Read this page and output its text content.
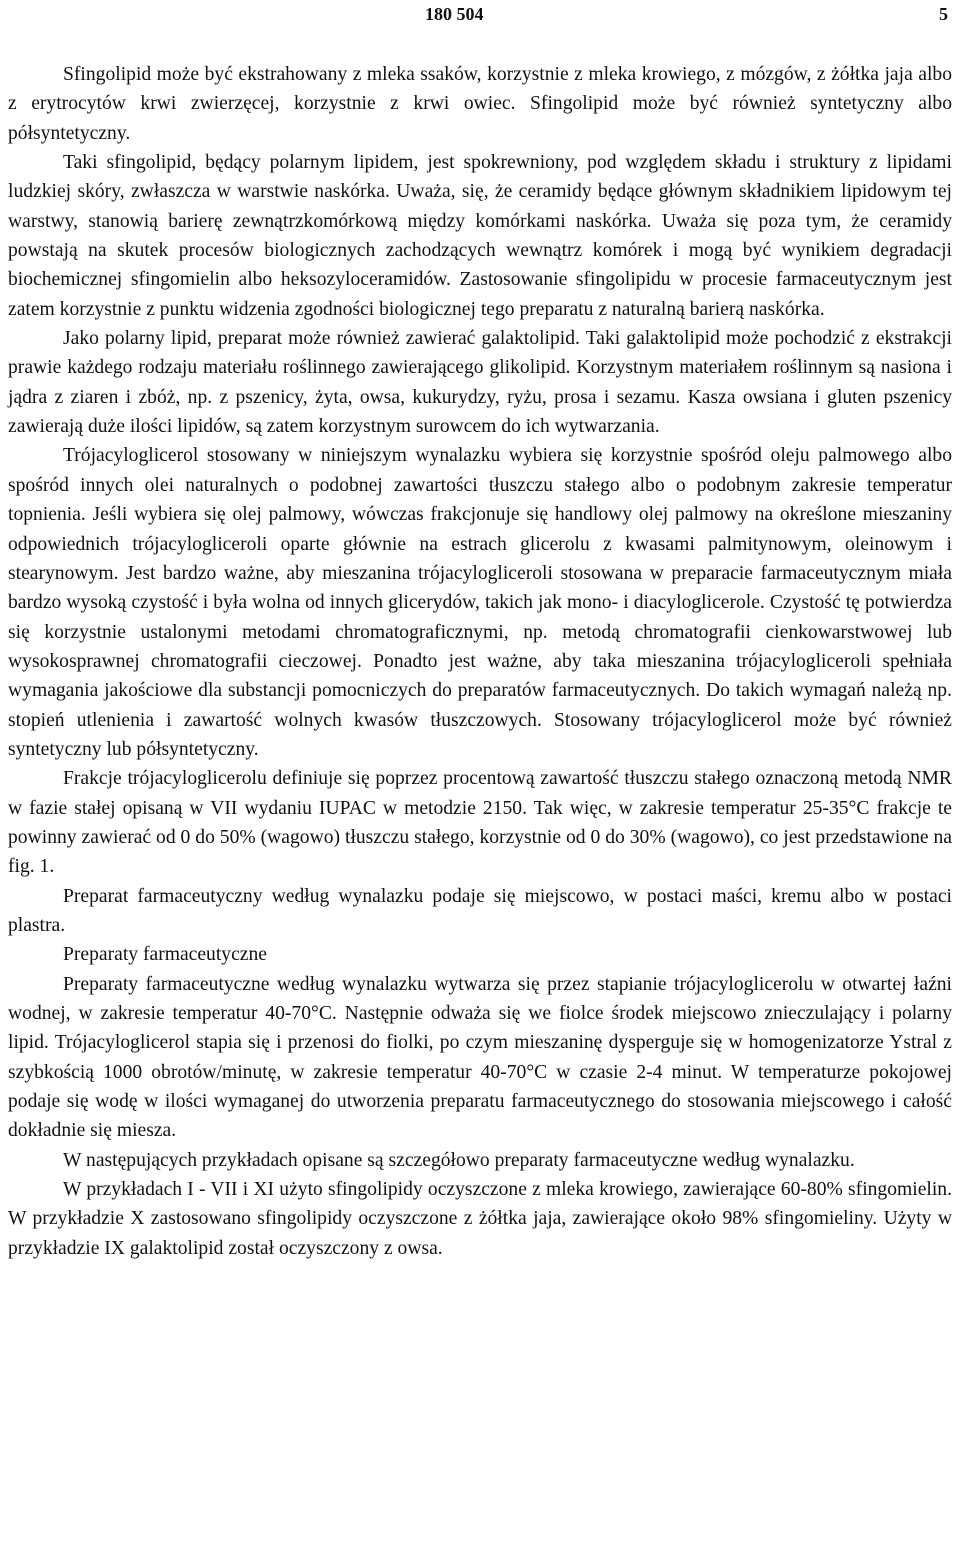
180 504	5

Sfingolipid może być ekstrahowany z mleka ssaków, korzystnie z mleka krowiego, z mózgów, z żółtka jaja albo z erytrocytów krwi zwierzęcej, korzystnie z krwi owiec. Sfingolipid może być również syntetyczny albo półsyntetyczny.

Taki sfingolipid, będący polarnym lipidem, jest spokrewniony, pod względem składu i struktury z lipidami ludzkiej skóry, zwłaszcza w warstwie naskórka. Uważa, się, że ceramidy będące głównym składnikiem lipidowym tej warstwy, stanowią barierę zewnątrzkomórkową między komórkami naskórka. Uważa się poza tym, że ceramidy powstają na skutek procesów biologicznych zachodzących wewnątrz komórek i mogą być wynikiem degradacji biochemicznej sfingomielin albo heksozyloceramidów. Zastosowanie sfingolipidu w procesie farmaceutycznym jest zatem korzystnie z punktu widzenia zgodności biologicznej tego preparatu z naturalną barierą naskórka.

Jako polarny lipid, preparat może również zawierać galaktolipid. Taki galaktolipid może pochodzić z ekstrakcji prawie każdego rodzaju materiału roślinnego zawierającego glikolipid. Korzystnym materiałem roślinnym są nasiona i jądra z ziaren i zbóż, np. z pszenicy, żyta, owsa, kukurydzy, ryżu, prosa i sezamu. Kasza owsiana i gluten pszenicy zawierają duże ilości lipidów, są zatem korzystnym surowcem do ich wytwarzania.

Trójacyloglicerol stosowany w niniejszym wynalazku wybiera się korzystnie spośród oleju palmowego albo spośród innych olei naturalnych o podobnej zawartości tłuszczu stałego albo o podobnym zakresie temperatur topnienia. Jeśli wybiera się olej palmowy, wówczas frakcjonuje się handlowy olej palmowy na określone mieszaniny odpowiednich trójacylogliceroli oparte głównie na estrach glicerolu z kwasami palmitynowym, oleinowym i stearynowym. Jest bardzo ważne, aby mieszanina trójacylogliceroli stosowana w preparacie farmaceutycznym miała bardzo wysoką czystość i była wolna od innych glicerydów, takich jak mono- i diacyloglicerole. Czystość tę potwierdza się korzystnie ustalonymi metodami chromatograficznymi, np. metodą chromatografii cienkowarstwowej lub wysokosprawnej chromatografii cieczowej. Ponadto jest ważne, aby taka mieszanina trójacylogliceroli spełniała wymagania jakościowe dla substancji pomocniczych do preparatów farmaceutycznych. Do takich wymagań należą np. stopień utlenienia i zawartość wolnych kwasów tłuszczowych. Stosowany trójacyloglicerol może być również syntetyczny lub półsyntetyczny.

Frakcje trójacyloglicerolu definiuje się poprzez procentową zawartość tłuszczu stałego oznaczoną metodą NMR w fazie stałej opisaną w VII wydaniu IUPAC w metodzie 2150. Tak więc, w zakresie temperatur 25-35°C frakcje te powinny zawierać od 0 do 50% (wagowo) tłuszczu stałego, korzystnie od 0 do 30% (wagowo), co jest przedstawione na fig. 1.

Preparat farmaceutyczny według wynalazku podaje się miejscowo, w postaci maści, kremu albo w postaci plastra.

Preparaty farmaceutyczne

Preparaty farmaceutyczne według wynalazku wytwarza się przez stapianie trójacyloglicerolu w otwartej łaźni wodnej, w zakresie temperatur 40-70°C. Następnie odważa się we fiolce środek miejscowo znieczulający i polarny lipid. Trójacyloglicerol stapia się i przenosi do fiolki, po czym mieszaninę dysperguje się w homogenizatorze Ystral z szybkością 1000 obrotów/minutę, w zakresie temperatur 40-70°C w czasie 2-4 minut. W temperaturze pokojowej podaje się wodę w ilości wymaganej do utworzenia preparatu farmaceutycznego do stosowania miejscowego i całość dokładnie się miesza.

W następujących przykładach opisane są szczegółowo preparaty farmaceutyczne według wynalazku.

W przykładach I - VII i XI użyto sfingolipidy oczyszczone z mleka krowiego, zawierające 60-80% sfingomielin. W przykładzie X zastosowano sfingolipidy oczyszczone z żółtka jaja, zawierające około 98% sfingomieliny. Użyty w przykładzie IX galaktolipid został oczyszczony z owsa.
